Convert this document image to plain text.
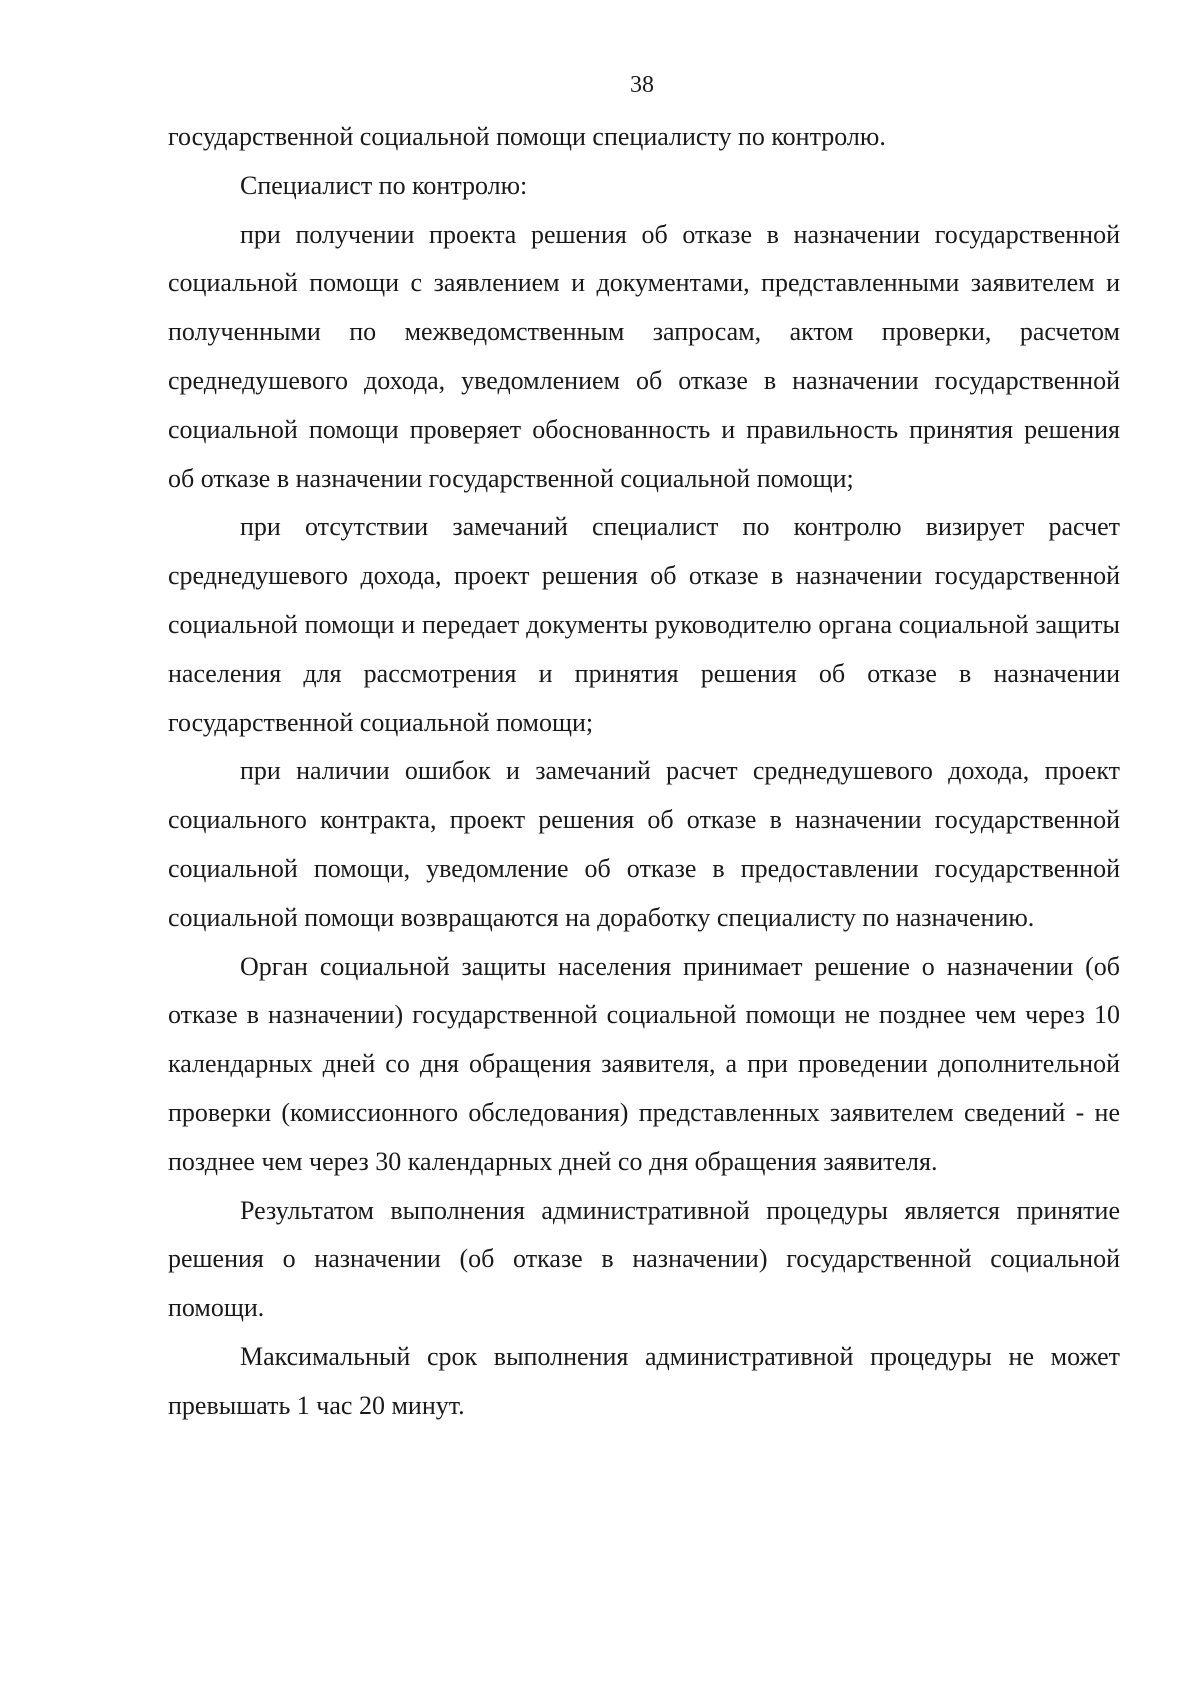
38

государственной социальной помощи специалисту по контролю.

Специалист по контролю:

при получении проекта решения об отказе в назначении государственной социальной помощи с заявлением и документами, представленными заявителем и полученными по межведомственным запросам, актом проверки, расчетом среднедушевого дохода, уведомлением об отказе в назначении государственной социальной помощи проверяет обоснованность и правильность принятия решения об отказе в назначении государственной социальной помощи;

при отсутствии замечаний специалист по контролю визирует расчет среднедушевого дохода, проект решения об отказе в назначении государственной социальной помощи и передает документы руководителю органа социальной защиты населения для рассмотрения и принятия решения об отказе в назначении государственной социальной помощи;

при наличии ошибок и замечаний расчет среднедушевого дохода, проект социального контракта, проект решения об отказе в назначении государственной социальной помощи, уведомление об отказе в предоставлении государственной социальной помощи возвращаются на доработку специалисту по назначению.

Орган социальной защиты населения принимает решение о назначении (об отказе в назначении) государственной социальной помощи не позднее чем через 10 календарных дней со дня обращения заявителя, а при проведении дополнительной проверки (комиссионного обследования) представленных заявителем сведений - не позднее чем через 30 календарных дней со дня обращения заявителя.

Результатом выполнения административной процедуры является принятие решения о назначении (об отказе в назначении) государственной социальной помощи.

Максимальный срок выполнения административной процедуры не может превышать 1 час 20 минут.
